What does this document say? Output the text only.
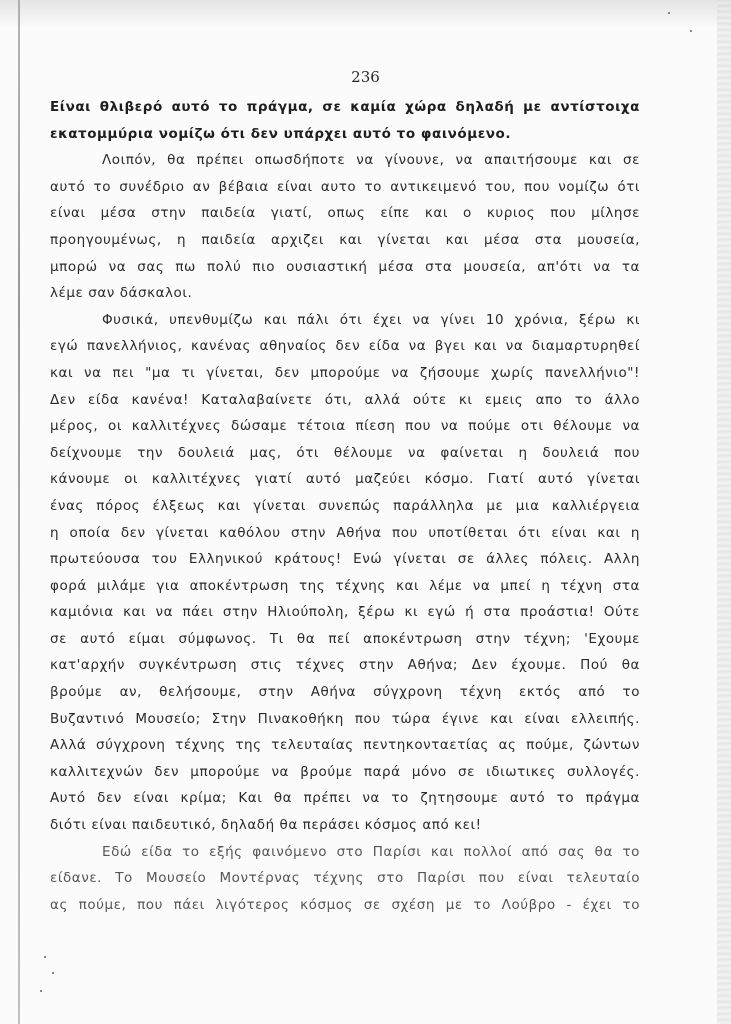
236
Είναι θλιβερό αυτό το πράγμα, σε καμία χώρα δηλαδή με αντίστοιχα
εκατομμύρια νομίζω ότι δεν υπάρχει αυτό το φαινόμενο.
Λοιπόν, θα πρέπει οπωσδήποτε να γίνουνε, να απαιτήσουμε και σε
αυτό το συνέδριο αν βέβαια είναι αυτο το αντικειμενό του, που νομίζω ότι
είναι μέσα στην παιδεία γιατί, οπως είπε και ο κυριος που μίλησε
προηγουμένως, η παιδεία αρχιζει και γίνεται και μέσα στα μουσεία,
μπορώ να σας πω πολύ πιο ουσιαστική μέσα στα μουσεία, απ'ότι να τα
λέμε σαν δάσκαλοι.
Φυσικά, υπενθυμίζω και πάλι ότι έχει να γίνει 10 χρόνια, ξέρω κι
εγώ πανελλήνιος, κανένας αθηναίος δεν είδα να βγει και να διαμαρτυρηθεί
και να πει "μα τι γίνεται, δεν μπορούμε να ζήσουμε χωρίς πανελλήνιο"!
Δεν είδα κανένα! Καταλαβαίνετε ότι, αλλά ούτε κι εμεις απο το άλλο
μέρος, οι καλλιτέχνες δώσαμε τέτοια πίεση που να πούμε οτι θέλουμε να
δείχνουμε την δουλειά μας, ότι θέλουμε να φαίνεται η δουλειά που
κάνουμε οι καλλιτέχνες γιατί αυτό μαζεύει κόσμο. Γιατί αυτό γίνεται
ένας πόρος έλξεως και γίνεται συνεπώς παράλληλα με μια καλλιέργεια
η οποία δεν γίνεται καθόλου στην Αθήνα που υποτίθεται ότι είναι και η
πρωτεύουσα του Ελληνικού κράτους! Ενώ γίνεται σε άλλες πόλεις. Αλλη
φορά μιλάμε για αποκέντρωση της τέχνης και λέμε να μπεί η τέχνη στα
καμιόνια και να πάει στην Ηλιούπολη, ξέρω κι εγώ ή στα προάστια! Ούτε
σε αυτό είμαι σύμφωνος. Τι θα πεί αποκέντρωση στην τέχνη; 'Εχουμε
κατ'αρχήν συγκέντρωση στις τέχνες στην Αθήνα; Δεν έχουμε. Πού θα
βρούμε αν, θελήσουμε, στην Αθήνα σύγχρονη τέχνη εκτός από το
Βυζαντινό Μουσείο; Στην Πινακοθήκη που τώρα έγινε και είναι ελλειπής.
Αλλά σύγχρονη τέχνης της τελευταίας πεντηκονταετίας ας πούμε, ζώντων
καλλιτεχνών δεν μπορούμε να βρούμε παρά μόνο σε ιδιωτικες συλλογές.
Αυτό δεν είναι κρίμα; Και θα πρέπει να το ζητησουμε αυτό το πράγμα
διότι είναι παιδευτικό, δηλαδή θα περάσει κόσμος από κει!
Εδώ είδα το εξής φαινόμενο στο Παρίσι και πολλοί από σας θα το
είδανε. Το Μουσείο Μοντέρνας τέχνης στο Παρίσι που είναι τελευταίο
ας πούμε, που πάει λιγότερος κόσμος σε σχέση με το Λούβρο - έχει το
